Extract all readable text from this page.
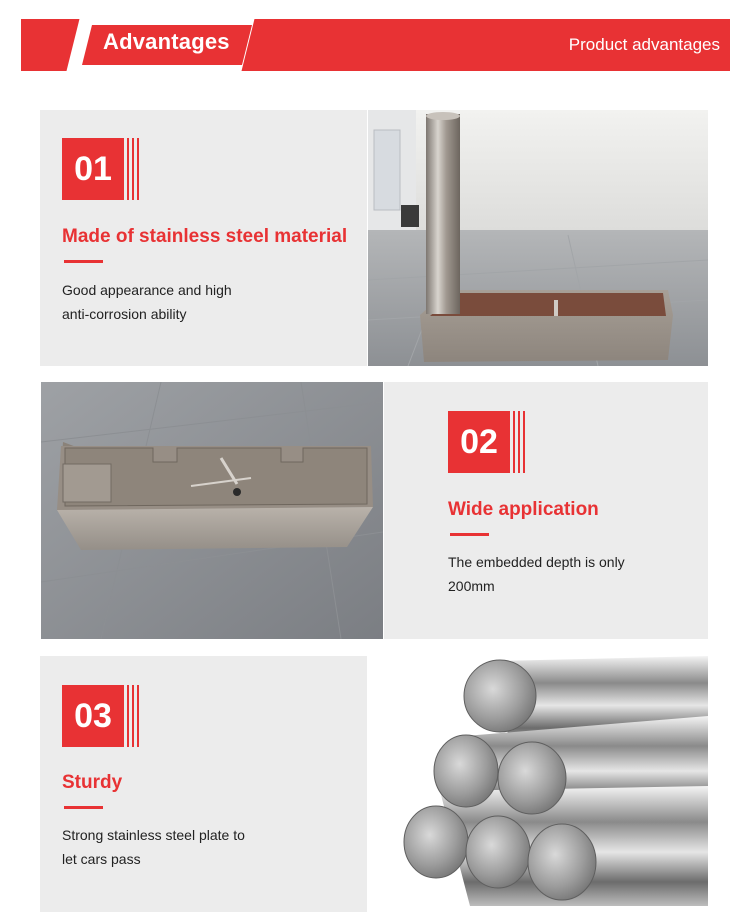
Advantages	Product advantages
01
Made of stainless steel material
Good appearance and high
anti-corrosion ability
02
Wide application
The embedded depth is only
200mm
03
Sturdy
Strong stainless steel plate to
let cars pass
